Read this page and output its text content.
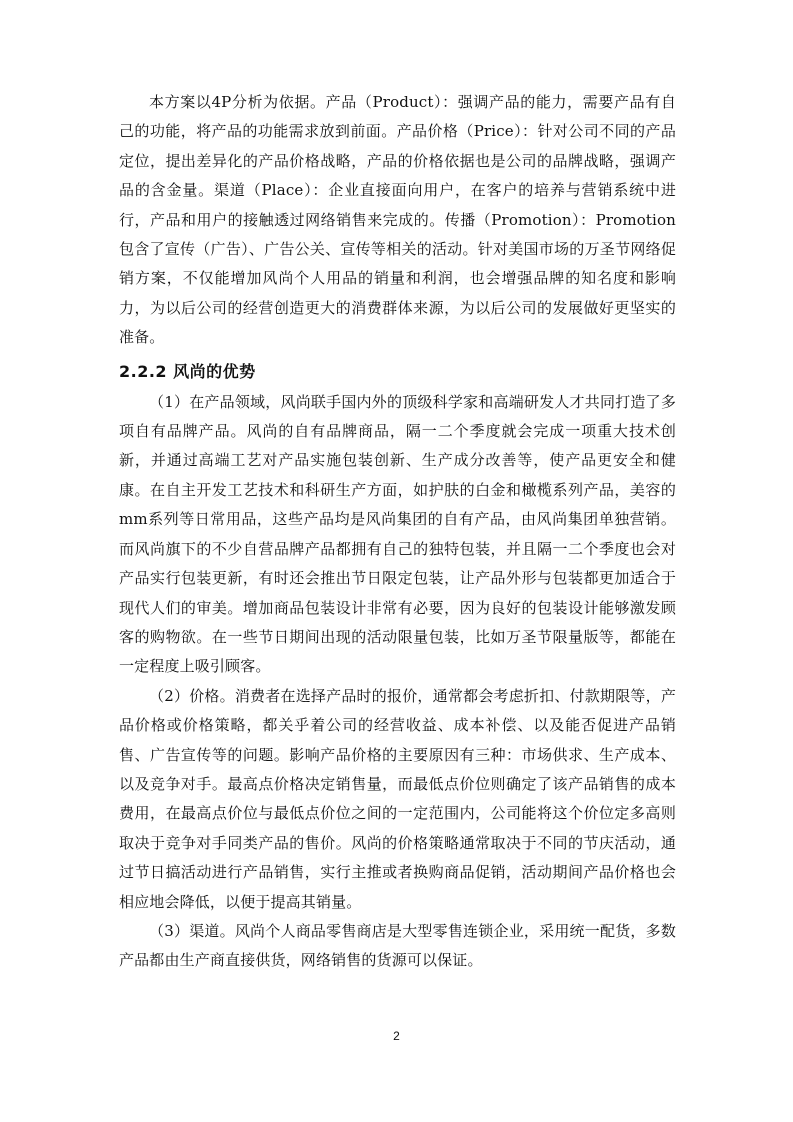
本方案以4P分析为依据。产品（Product）：强调产品的能力，需要产品有自己的功能，将产品的功能需求放到前面。产品价格（Price）：针对公司不同的产品定位，提出差异化的产品价格战略，产品的价格依据也是公司的品牌战略，强调产品的含金量。渠道（Place）：企业直接面向用户，在客户的培养与营销系统中进行，产品和用户的接触透过网络销售来完成的。传播（Promotion）：Promotion包含了宣传（广告）、广告公关、宣传等相关的活动。针对美国市场的万圣节网络促销方案，不仅能增加风尚个人用品的销量和利润，也会增强品牌的知名度和影响力，为以后公司的经营创造更大的消费群体来源，为以后公司的发展做好更坚实的准备。

2.2.2 风尚的优势

（1）在产品领域，风尚联手国内外的顶级科学家和高端研发人才共同打造了多项自有品牌产品。风尚的自有品牌商品，隔一二个季度就会完成一项重大技术创新，并通过高端工艺对产品实施包装创新、生产成分改善等，使产品更安全和健康。在自主开发工艺技术和科研生产方面，如护肤的白金和橄榄系列产品，美容的mm系列等日常用品，这些产品均是风尚集团的自有产品，由风尚集团单独营销。而风尚旗下的不少自营品牌产品都拥有自己的独特包装，并且隔一二个季度也会对产品实行包装更新，有时还会推出节日限定包装，让产品外形与包装都更加适合于现代人们的审美。增加商品包装设计非常有必要，因为良好的包装设计能够激发顾客的购物欲。在一些节日期间出现的活动限量包装，比如万圣节限量版等，都能在一定程度上吸引顾客。

（2）价格。消费者在选择产品时的报价，通常都会考虑折扣、付款期限等，产品价格或价格策略，都关乎着公司的经营收益、成本补偿、以及能否促进产品销售、广告宣传等的问题。影响产品价格的主要原因有三种：市场供求、生产成本、以及竞争对手。最高点价格决定销售量，而最低点价位则确定了该产品销售的成本费用，在最高点价位与最低点价位之间的一定范围内，公司能将这个价位定多高则取决于竞争对手同类产品的售价。风尚的价格策略通常取决于不同的节庆活动，通过节日搞活动进行产品销售，实行主推或者换购商品促销，活动期间产品价格也会相应地会降低，以便于提高其销量。

（3）渠道。风尚个人商品零售商店是大型零售连锁企业，采用统一配货，多数产品都由生产商直接供货，网络销售的货源可以保证。

2
